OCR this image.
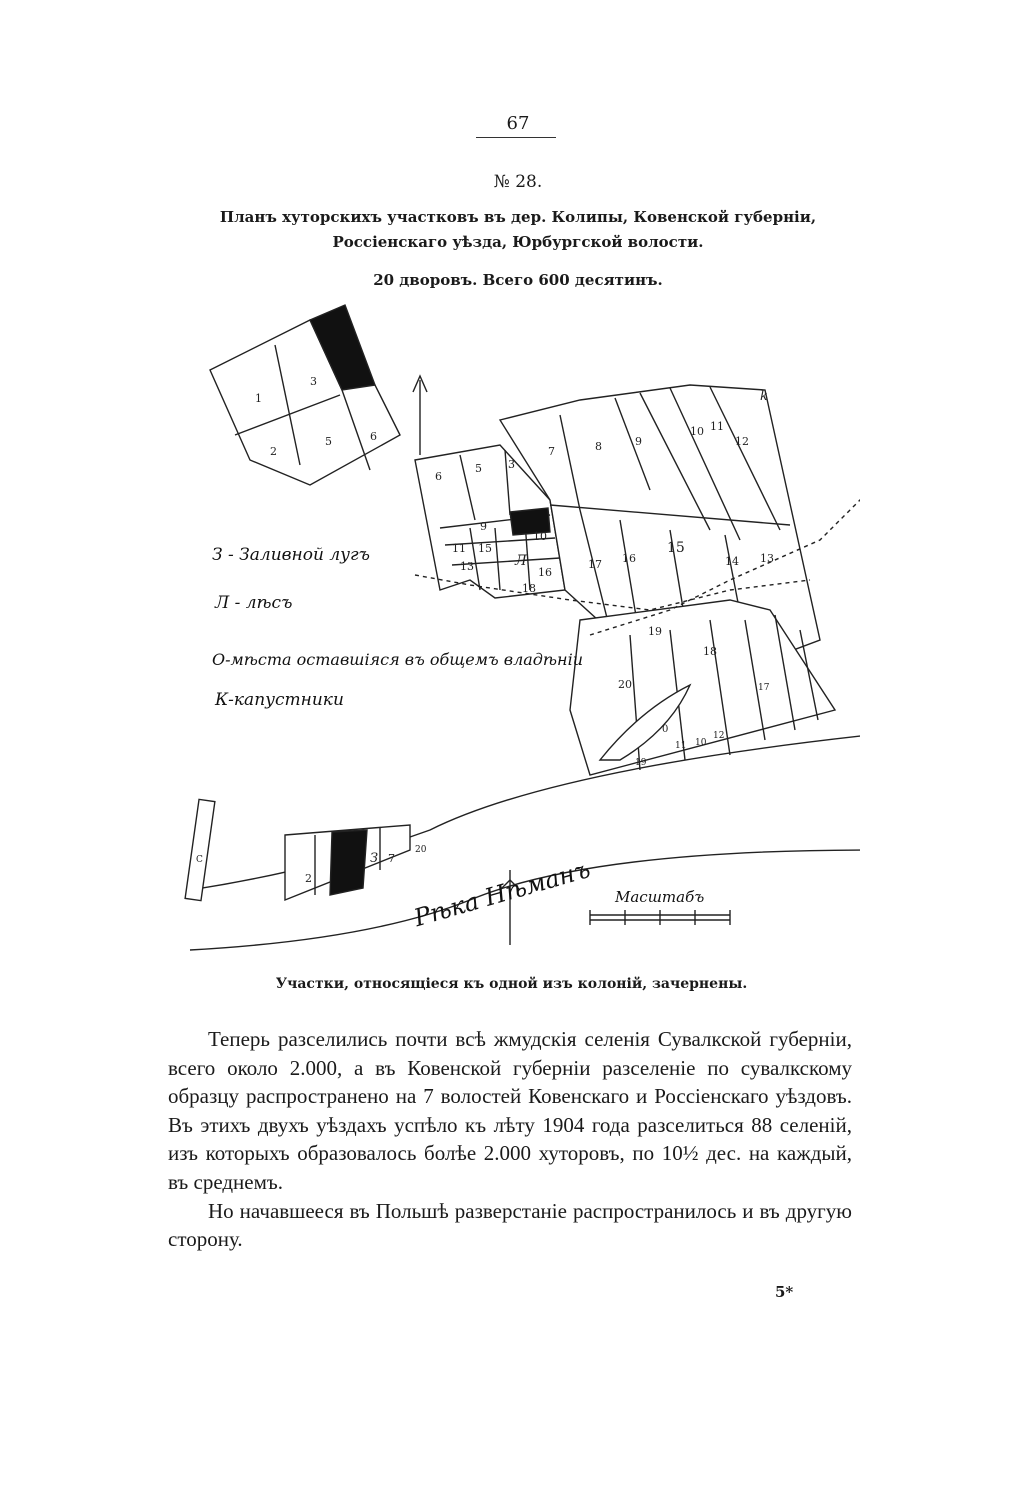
67
№ 28.
Планъ хуторскихъ участковъ въ дер. Колипы, Ковенской губерніи,
Россіенскаго уѣзда, Юрбургской волости.
20 дворовъ. Всего 600 десятинъ.
1
2
3
5	6
6
5 3
7
9
10
11
13
15
16
18
Л
8	9
10 11
12
13
14
15
16
17
18
19
20
11 10
12
17
19
0
2
З 7
20
С
k
З - Заливной лугъ
Л - лѣсъ
О-мѣста оставшіяся въ общемъ владѣніи
К-капустники
Рѣка Нѣманъ Масштабъ
Участки, относящіеся къ одной изъ колоній, зачернены.

Теперь разселились почти всѣ жмудскія селенія Сувалкской губерніи, всего около 2.000, а въ Ковенской губерніи разселеніе по сувалкскому образцу распространено на 7 волостей Ковенскаго и Россіенскаго уѣздовъ. Въ этихъ двухъ уѣздахъ успѣло къ лѣту 1904 года разселиться 88 селеній, изъ которыхъ образовалось болѣе 2.000 хуторовъ, по 10½ дес. на каждый, въ среднемъ.

Но начавшееся въ Польшѣ разверстаніе распространилось и въ другую сторону.

5*
